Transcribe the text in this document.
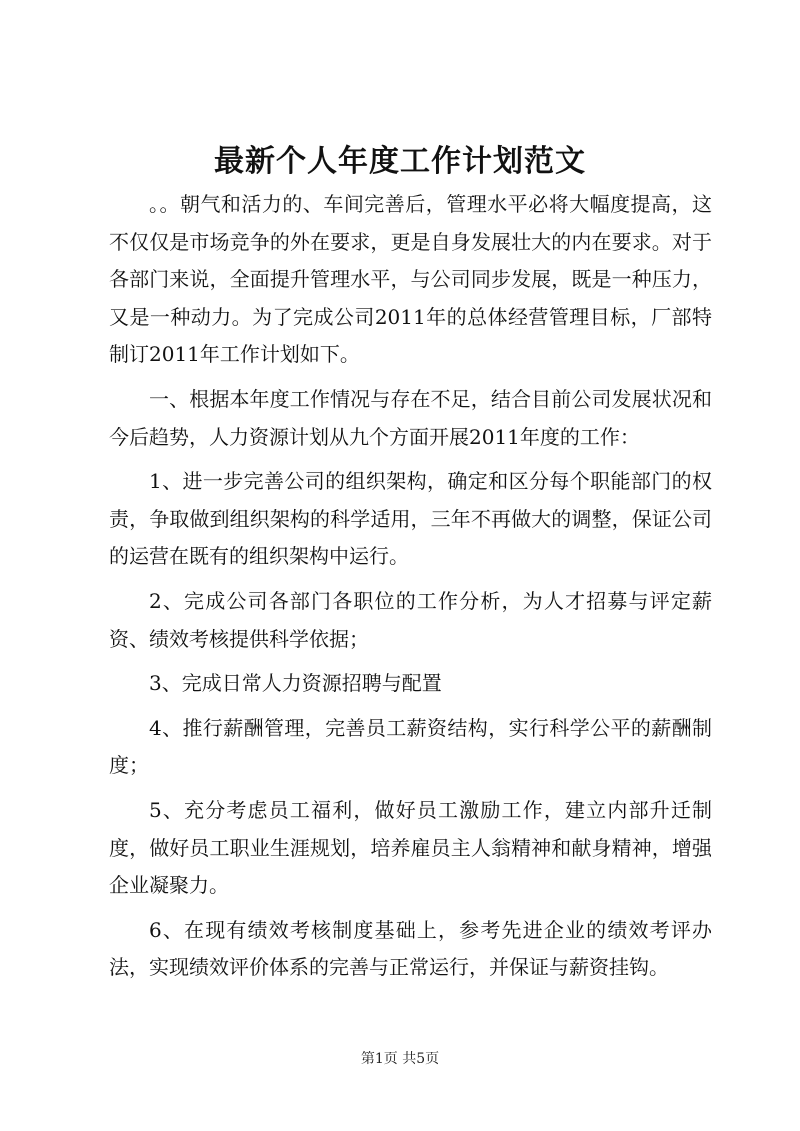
最新个人年度工作计划范文

。。朝气和活力的、车间完善后，管理水平必将大幅度提高，这不仅仅是市场竞争的外在要求，更是自身发展壮大的内在要求。对于各部门来说，全面提升管理水平，与公司同步发展，既是一种压力，又是一种动力。为了完成公司2011年的总体经营管理目标，厂部特制订2011年工作计划如下。

一、根据本年度工作情况与存在不足，结合目前公司发展状况和今后趋势，人力资源计划从九个方面开展2011年度的工作：

1、进一步完善公司的组织架构，确定和区分每个职能部门的权责，争取做到组织架构的科学适用，三年不再做大的调整，保证公司的运营在既有的组织架构中运行。

2、完成公司各部门各职位的工作分析，为人才招募与评定薪资、绩效考核提供科学依据；

3、完成日常人力资源招聘与配置

4、推行薪酬管理，完善员工薪资结构，实行科学公平的薪酬制度；

5、充分考虑员工福利，做好员工激励工作，建立内部升迁制度，做好员工职业生涯规划，培养雇员主人翁精神和献身精神，增强企业凝聚力。

6、在现有绩效考核制度基础上，参考先进企业的绩效考评办法，实现绩效评价体系的完善与正常运行，并保证与薪资挂钩。

第1页 共5页
